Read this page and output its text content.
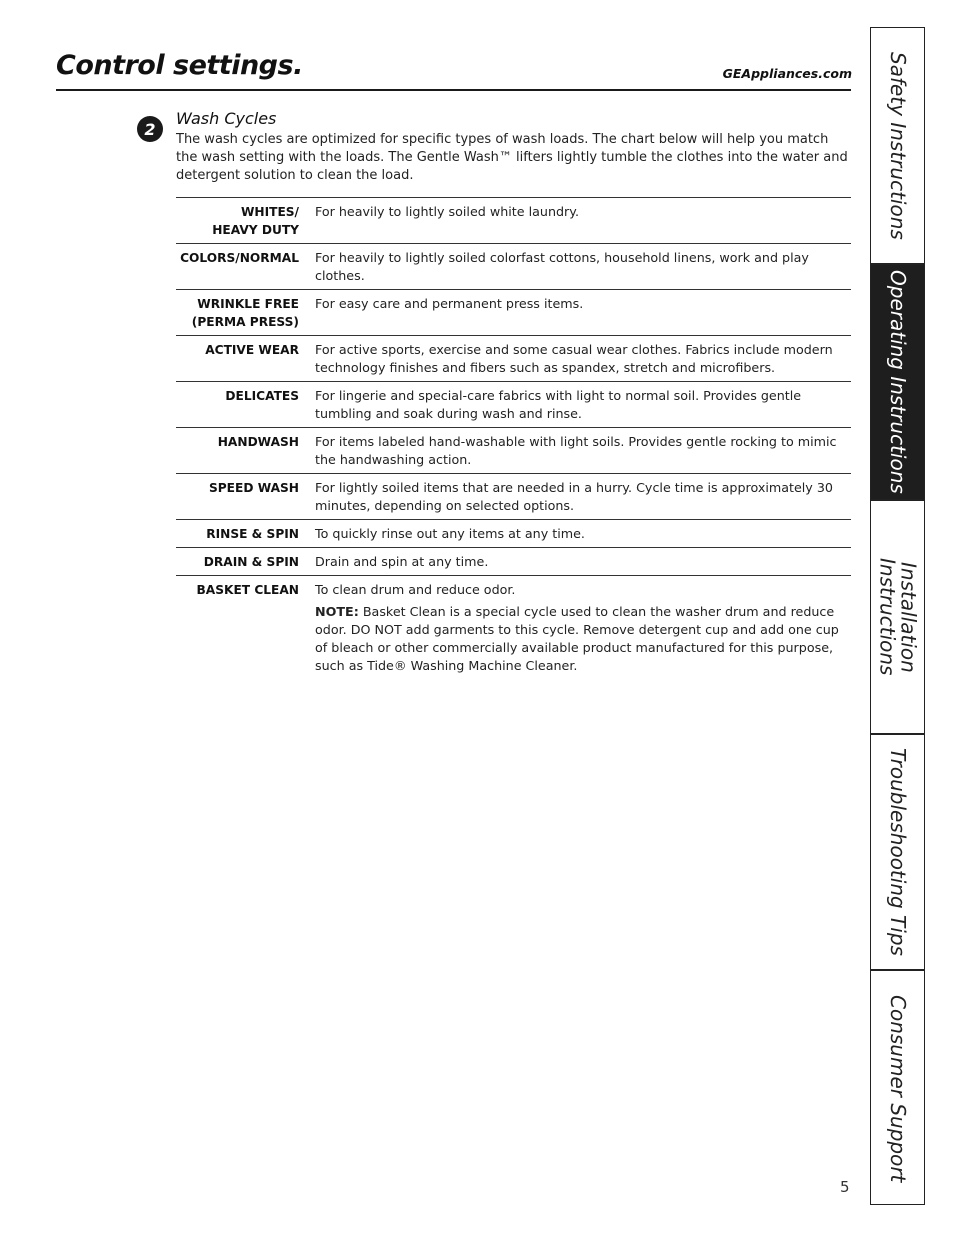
Control settings.	GEAppliances.com
2
Wash Cycles
The wash cycles are optimized for specific types of wash loads. The chart below will help you match the wash setting with the loads. The Gentle Wash™ lifters lightly tumble the clothes into the water and detergent solution to clean the load.
WHITES/
HEAVY DUTY	For heavily to lightly soiled white laundry.
COLORS/NORMAL	For heavily to lightly soiled colorfast cottons, household linens, work and play clothes.
WRINKLE FREE
(PERMA PRESS)	For easy care and permanent press items.
ACTIVE WEAR	For active sports, exercise and some casual wear clothes. Fabrics include modern technology finishes and fibers such as spandex, stretch and microfibers.
DELICATES	For lingerie and special-care fabrics with light to normal soil. Provides gentle tumbling and soak during wash and rinse.
HANDWASH	For items labeled hand-washable with light soils. Provides gentle rocking to mimic the handwashing action.
SPEED WASH	For lightly soiled items that are needed in a hurry. Cycle time is approximately 30 minutes, depending on selected options.
RINSE & SPIN	To quickly rinse out any items at any time.
DRAIN & SPIN	Drain and spin at any time.
BASKET CLEAN	To clean drum and reduce odor.
NOTE: Basket Clean is a special cycle used to clean the washer drum and reduce odor. DO NOT add garments to this cycle. Remove detergent cup and add one cup of bleach or other commercially available product manufactured for this purpose, such as Tide® Washing Machine Cleaner.
Safety Instructions
Operating Instructions
Installation
Instructions
Troubleshooting Tips
Consumer Support
5
